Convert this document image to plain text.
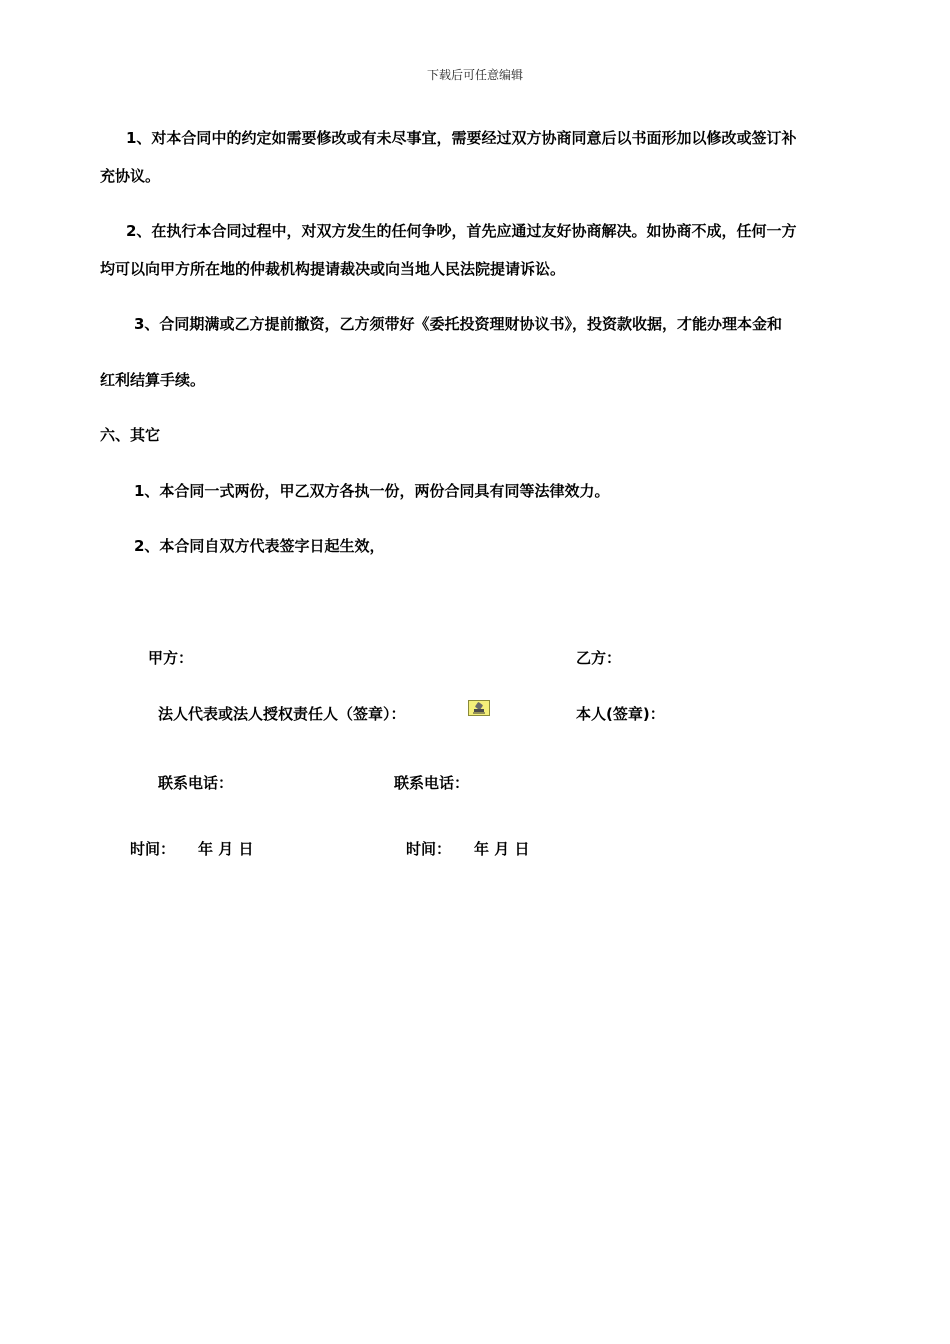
下载后可任意编辑
1、对本合同中的约定如需要修改或有未尽事宜，需要经过双方协商同意后以书面形加以修改或签订补
充协议。
2、在执行本合同过程中，对双方发生的任何争吵，首先应通过友好协商解决。如协商不成，任何一方
均可以向甲方所在地的仲裁机构提请裁决或向当地人民法院提请诉讼。
3、合同期满或乙方提前撤资，乙方须带好《委托投资理财协议书》，投资款收据，才能办理本金和
红利结算手续。
六、其它
1、本合同一式两份，甲乙双方各执一份，两份合同具有同等法律效力。
2、本合同自双方代表签字日起生效，
甲方：	乙方：
法人代表或法人授权责任人（签章）：	本人(签章)：
联系电话：	联系电话：
时间： 年 月 日	时间： 年 月 日
